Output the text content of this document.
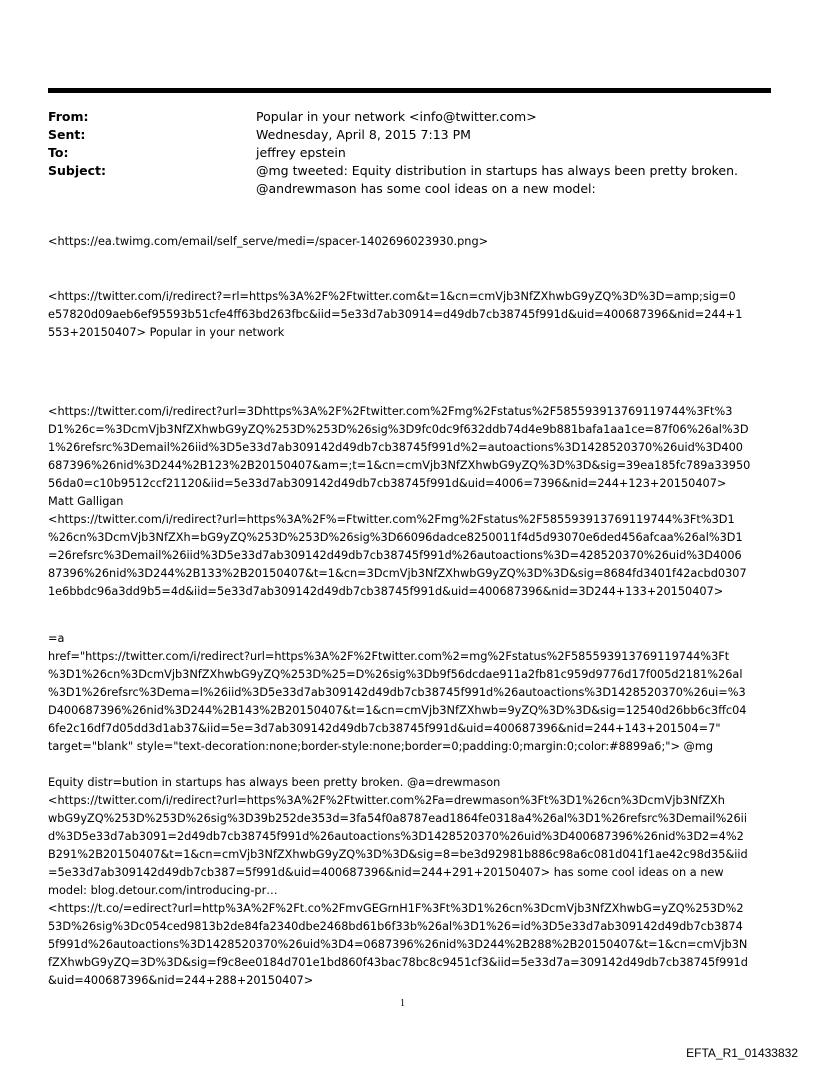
From:	Popular in your network <info@twitter.com>
Sent:	Wednesday, April 8, 2015 7:13 PM
To:	jeffrey epstein
Subject:	@mg tweeted: Equity distribution in startups has always been pretty broken.
@andrewmason has some cool ideas on a new model:

<https://ea.twimg.com/email/self_serve/medi=/spacer-1402696023930.png>

<https://twitter.com/i/redirect?=rl=https%3A%2F%2Ftwitter.com&t=1&cn=cmVjb3NfZXhwbG9yZQ%3D%3D=amp;sig=0
e57820d09aeb6ef95593b51cfe4ff63bd263fbc&iid=5e33d7ab30914=d49db7cb38745f991d&uid=400687396&nid=244+1
553+20150407> Popular in your network

<https://twitter.com/i/redirect?url=3Dhttps%3A%2F%2Ftwitter.com%2Fmg%2Fstatus%2F585593913769119744%3Ft%3
D1%26c=%3DcmVjb3NfZXhwbG9yZQ%253D%253D%26sig%3D9fc0dc9f632ddb74d4e9b881bafa1aa1ce=87f06%26al%3D
1%26refsrc%3Demail%26iid%3D5e33d7ab309142d49db7cb38745f991d%2=autoactions%3D1428520370%26uid%3D400
687396%26nid%3D244%2B123%2B20150407&am=;t=1&cn=cmVjb3NfZXhwbG9yZQ%3D%3D&sig=39ea185fc789a33950
56da0=c10b9512ccf21120&iid=5e33d7ab309142d49db7cb38745f991d&uid=4006=7396&nid=244+123+20150407>
Matt Galligan
<https://twitter.com/i/redirect?url=https%3A%2F%=Ftwitter.com%2Fmg%2Fstatus%2F585593913769119744%3Ft%3D1
%26cn%3DcmVjb3NfZXh=bG9yZQ%253D%253D%26sig%3D66096dadce8250011f4d5d93070e6ded456afcaa%26al%3D1
=26refsrc%3Demail%26iid%3D5e33d7ab309142d49db7cb38745f991d%26autoactions%3D=428520370%26uid%3D4006
87396%26nid%3D244%2B133%2B20150407&t=1&cn=3DcmVjb3NfZXhwbG9yZQ%3D%3D&sig=8684fd3401f42acbd0307
1e6bbdc96a3dd9b5=4d&iid=5e33d7ab309142d49db7cb38745f991d&uid=400687396&nid=3D244+133+20150407>

=a
href="https://twitter.com/i/redirect?url=https%3A%2F%2Ftwitter.com%2=mg%2Fstatus%2F585593913769119744%3Ft
%3D1%26cn%3DcmVjb3NfZXhwbG9yZQ%253D%25=D%26sig%3Db9f56dcdae911a2fb81c959d9776d17f005d2181%26al
%3D1%26refsrc%3Dema=l%26iid%3D5e33d7ab309142d49db7cb38745f991d%26autoactions%3D1428520370%26ui=%3
D400687396%26nid%3D244%2B143%2B20150407&t=1&cn=cmVjb3NfZXhwb=9yZQ%3D%3D&sig=12540d26bb6c3ffc04
6fe2c16df7d05dd3d1ab37&iid=5e=3d7ab309142d49db7cb38745f991d&uid=400687396&nid=244+143+201504=7"
target="blank" style="text-decoration:none;border-style:none;border=0;padding:0;margin:0;color:#8899a6;"> @mg

Equity distr=bution in startups has always been pretty broken. @a=drewmason
<https://twitter.com/i/redirect?url=https%3A%2F%2Ftwitter.com%2Fa=drewmason%3Ft%3D1%26cn%3DcmVjb3NfZXh
wbG9yZQ%253D%253D%26sig%3D39b252de353d=3fa54f0a8787ead1864fe0318a4%26al%3D1%26refsrc%3Demail%26ii
d%3D5e33d7ab3091=2d49db7cb38745f991d%26autoactions%3D1428520370%26uid%3D400687396%26nid%3D2=4%2
B291%2B20150407&t=1&cn=cmVjb3NfZXhwbG9yZQ%3D%3D&sig=8=be3d92981b886c98a6c081d041f1ae42c98d35&iid
=5e33d7ab309142d49db7cb387=5f991d&uid=400687396&nid=244+291+20150407> has some cool ideas on a new
model: blog.detour.com/introducing-pr…
<https://t.co/=edirect?url=http%3A%2F%2Ft.co%2FmvGEGrnH1F%3Ft%3D1%26cn%3DcmVjb3NfZXhwbG=yZQ%253D%2
53D%26sig%3Dc054ced9813b2de84fa2340dbe2468bd61b6f33b%26al%3D1%26=id%3D5e33d7ab309142d49db7cb3874
5f991d%26autoactions%3D1428520370%26uid%3D4=0687396%26nid%3D244%2B288%2B20150407&t=1&cn=cmVjb3N
fZXhwbG9yZQ=3D%3D&sig=f9c8ee0184d701e1bd860f43bac78bc8c9451cf3&iid=5e33d7a=309142d49db7cb38745f991d
&uid=400687396&nid=244+288+20150407>

1
EFTA_R1_01433832
